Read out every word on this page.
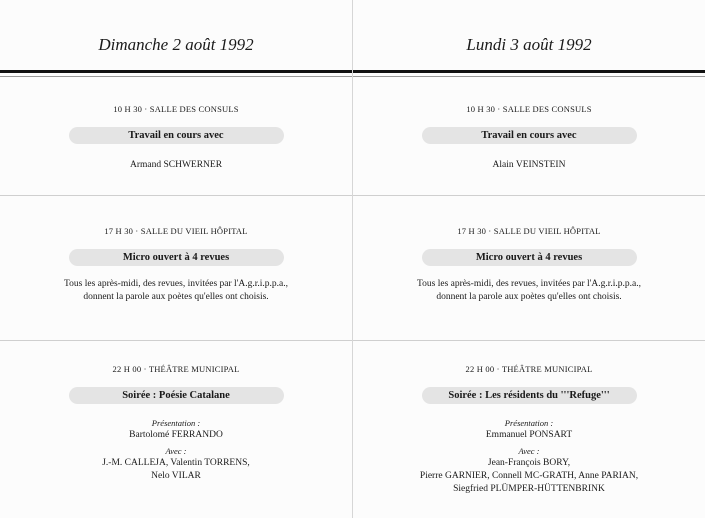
Dimanche 2 août 1992
10 H 30 · SALLE DES CONSULS
Travail en cours avec
Armand SCHWERNER
17 H 30 · SALLE DU VIEIL HÔPITAL
Micro ouvert à 4 revues
Tous les après-midi, des revues, invitées par l'A.g.r.i.p.p.a.,
donnent la parole aux poètes qu'elles ont choisis.
22 H 00 · THÉÂTRE MUNICIPAL
Soirée : Poésie Catalane
Présentation :
Bartolomé FERRANDO
Avec :
J.-M. CALLEJA, Valentin TORRENS,
Nelo VILAR
Lundi 3 août 1992
10 H 30 · SALLE DES CONSULS
Travail en cours avec
Alain VEINSTEIN
17 H 30 · SALLE DU VIEIL HÔPITAL
Micro ouvert à 4 revues
Tous les après-midi, des revues, invitées par l'A.g.r.i.p.p.a.,
donnent la parole aux poètes qu'elles ont choisis.
22 H 00 · THÉÂTRE MUNICIPAL
Soirée : Les résidents du '''Refuge'''
Présentation :
Emmanuel PONSART
Avec :
Jean-François BORY,
Pierre GARNIER, Connell MC-GRATH, Anne PARIAN,
Siegfried PLÜMPER-HÜTTENBRINK
